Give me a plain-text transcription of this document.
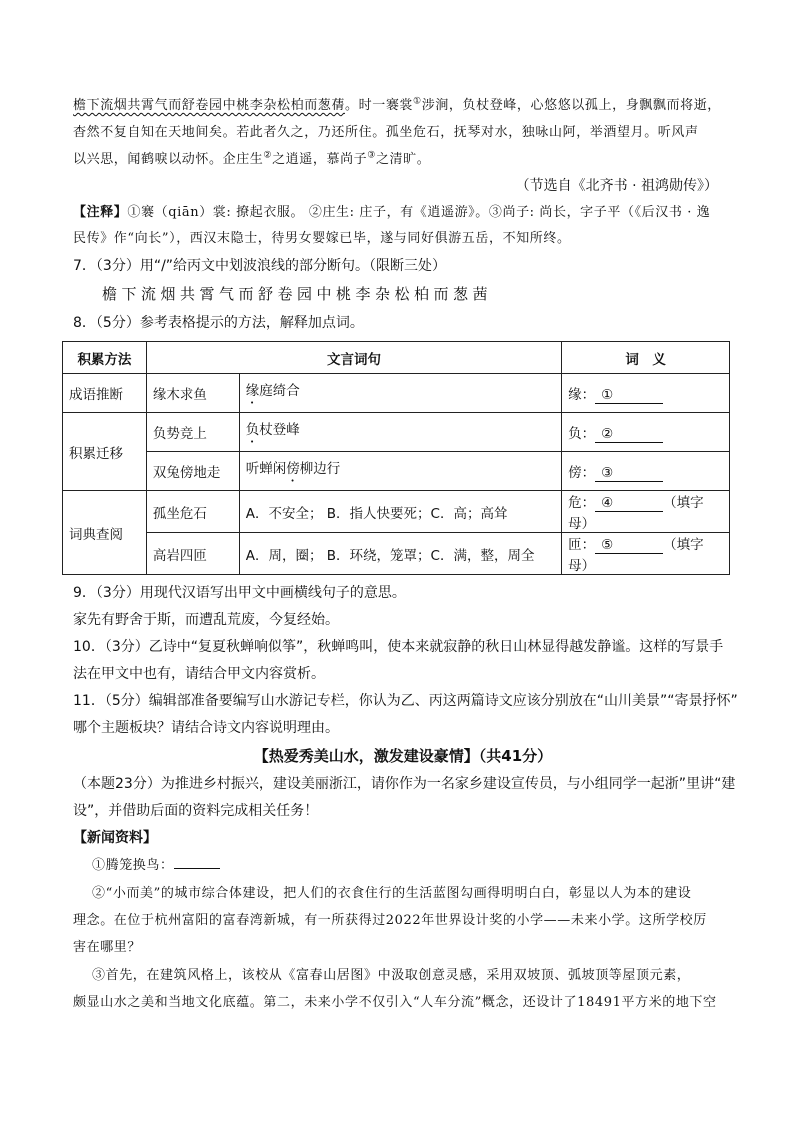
檐下流烟共霄气而舒卷园中桃李杂松柏而葱蒨。时一褰裳①涉涧，负杖登峰，心悠悠以孤上，身飘飘而将逝，
杳然不复自知在天地间矣。若此者久之，乃还所住。孤坐危石，抚琴对水，独咏山阿，举酒望月。听风声
以兴思，闻鹤唳以动怀。企庄生②之逍遥，慕尚子③之清旷。
（节选自《北齐书 · 祖鸿勋传》）
【注释】①褰（qiān）裳: 撩起衣服。 ②庄生: 庄子，有《逍遥游》。③尚子: 尚长，字子平（《后汉书 · 逸
民传》作“向长”），西汉末隐士，待男女婴嫁已毕，遂与同好俱游五岳，不知所终。
7．（3分）用“/”给丙文中划波浪线的部分断句。（限断三处）
檐下流烟共霄气而舒卷园中桃李杂松柏而葱茜
8．（5分）参考表格提示的方法，解释加点词。
积累方法	文言词句		词　义
成语推断	缘木求鱼	缘庭绮合	缘： ①
积累迁移	负势竞上	负杖登峰	负： ②
	双兔傍地走	听蝉闲傍柳边行	傍： ③
词典查阅	孤坐危石	A．不安全； B．指人快要死；C．高；高耸	危： ④ （填字母）
	高岩四匝	A．周，圈； B．环绕，笼罩；C．满，整，周全	匝： ⑤ （填字母）
9．（3分）用现代汉语写出甲文中画横线句子的意思。
家先有野舍于斯，而遭乱荒废，今复经始。
10．（3分）乙诗中“复夏秋蝉响似筝”，秋蝉鸣叫，使本来就寂静的秋日山林显得越发静谧。这样的写景手
法在甲文中也有，请结合甲文内容赏析。
11．（5分）编辑部准备要编写山水游记专栏，你认为乙、丙这两篇诗文应该分别放在“山川美景”“寄景抒怀”
哪个主题板块？请结合诗文内容说明理由。
【热爱秀美山水，激发建设豪情】（共41分）
（本题23分）为推进乡村振兴，建设美丽浙江，请你作为一名家乡建设宣传员，与小组同学一起浙”里讲“建
设”，并借助后面的资料完成相关任务！
【新闻资料】
①腾笼换鸟：
②“小而美”的城市综合体建设，把人们的衣食住行的生活蓝图勾画得明明白白，彰显以人为本的建设
理念。在位于杭州富阳的富春湾新城，有一所获得过2022年世界设计奖的小学——未来小学。这所学校厉
害在哪里？
③首先，在建筑风格上，该校从《富春山居图》中汲取创意灵感，采用双坡顶、弧坡顶等屋顶元素，
颇显山水之美和当地文化底蕴。第二，未来小学不仅引入“人车分流”概念，还设计了18491平方米的地下空
